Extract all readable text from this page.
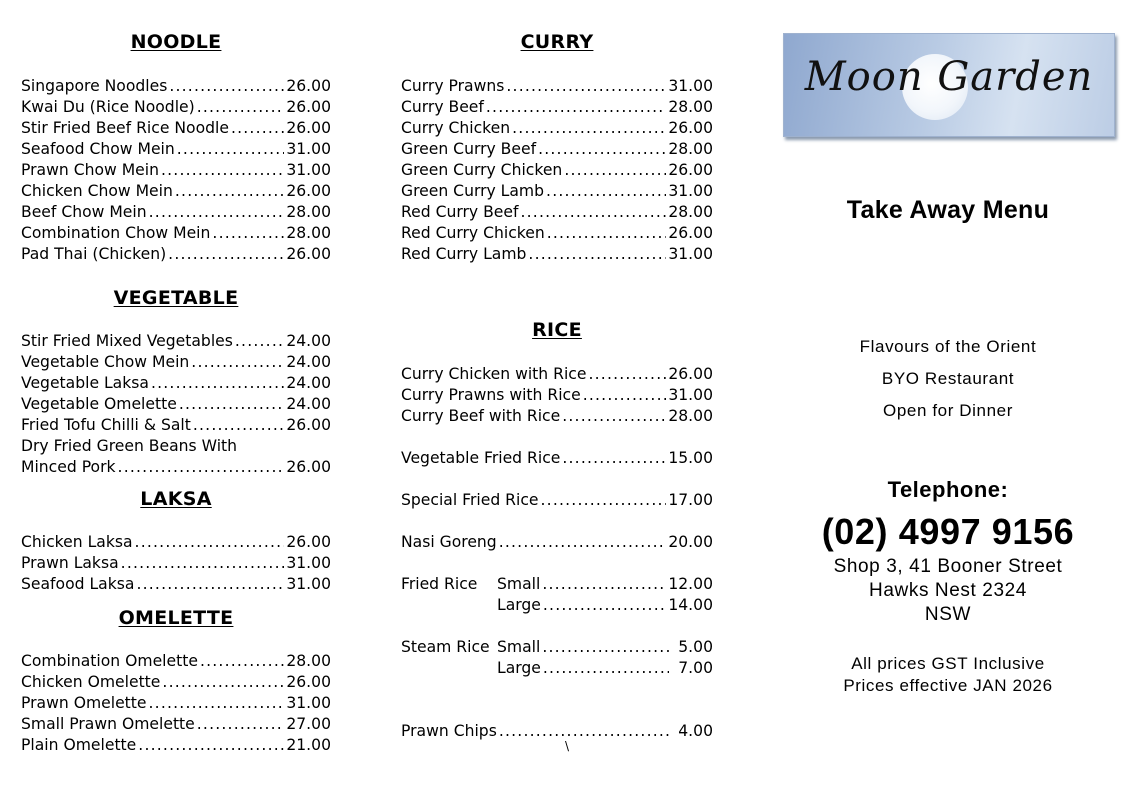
NOODLE
Singapore Noodles .....	26.00
Kwai Du (Rice Noodle) .....	26.00
Stir Fried Beef Rice Noodle .....	26.00
Seafood Chow Mein .....	31.00
Prawn Chow Mein .....	31.00
Chicken Chow Mein .....	26.00
Beef Chow Mein .....	28.00
Combination Chow Mein .....	28.00
Pad Thai (Chicken) .....	26.00
VEGETABLE
Stir Fried Mixed Vegetables .....	24.00
Vegetable Chow Mein .....	24.00
Vegetable Laksa .....	24.00
Vegetable Omelette .....	24.00
Fried Tofu Chilli & Salt .....	26.00
Dry Fried Green Beans With
Minced Pork .....	26.00
LAKSA
Chicken Laksa .....	26.00
Prawn Laksa .....	31.00
Seafood Laksa .....	31.00
OMELETTE
Combination Omelette .....	28.00
Chicken Omelette .....	26.00
Prawn Omelette .....	31.00
Small Prawn Omelette .....	27.00
Plain Omelette .....	21.00
CURRY
Curry Prawns .....	31.00
Curry Beef .....	28.00
Curry Chicken .....	26.00
Green Curry Beef .....	28.00
Green Curry Chicken .....	26.00
Green Curry Lamb .....	31.00
Red Curry Beef .....	28.00
Red Curry Chicken .....	26.00
Red Curry Lamb .....	31.00
RICE
Curry Chicken with Rice .....	26.00
Curry Prawns with Rice .....	31.00
Curry Beef with Rice .....	28.00
Vegetable Fried Rice .....	15.00
Special Fried Rice .....	17.00
Nasi Goreng .....	20.00
Fried Rice	Small .....	12.00
Large .....	14.00
Steam Rice Small .....	5.00
Large .....	7.00
Prawn Chips .....	4.00
\
Moon Garden
Take Away Menu
Flavours of the Orient
BYO Restaurant
Open for Dinner
Telephone:
(02) 4997 9156
Shop 3, 41 Booner Street
Hawks Nest 2324
NSW
All prices GST Inclusive
Prices effective JAN 2026
